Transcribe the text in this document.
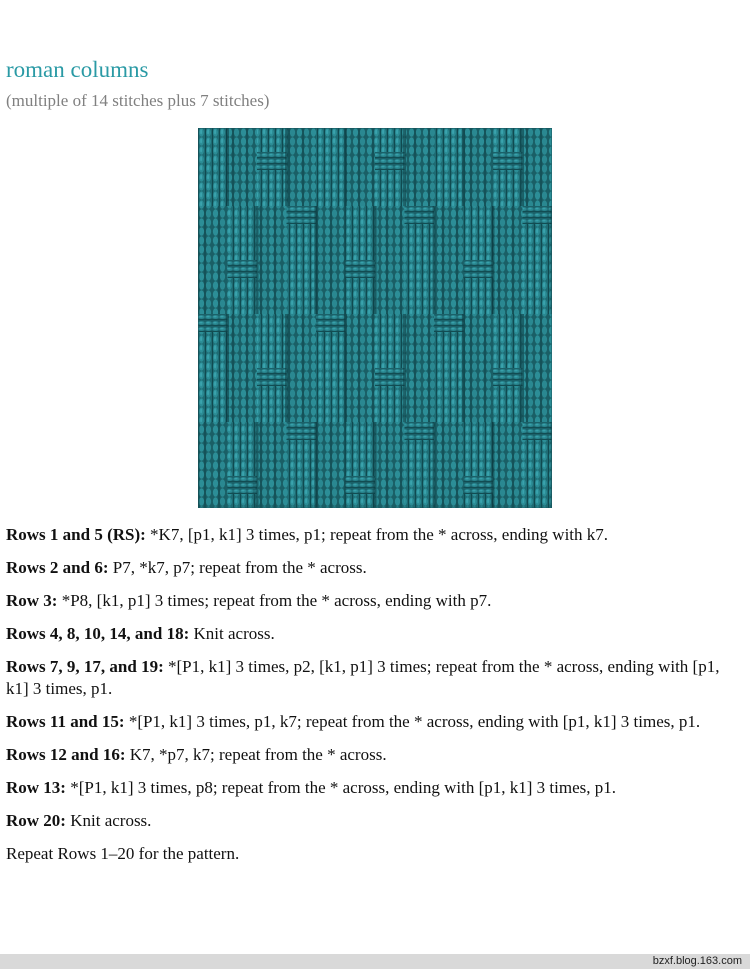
roman columns
(multiple of 14 stitches plus 7 stitches)

Rows 1 and 5 (RS): *K7, [p1, k1] 3 times, p1; repeat from the * across, ending with k7.

Rows 2 and 6: P7, *k7, p7; repeat from the * across.

Row 3: *P8, [k1, p1] 3 times; repeat from the * across, ending with p7.

Rows 4, 8, 10, 14, and 18: Knit across.

Rows 7, 9, 17, and 19: *[P1, k1] 3 times, p2, [k1, p1] 3 times; repeat from the * across, ending with [p1, k1] 3 times, p1.

Rows 11 and 15: *[P1, k1] 3 times, p1, k7; repeat from the * across, ending with [p1, k1] 3 times, p1.

Rows 12 and 16: K7, *p7, k7; repeat from the * across.

Row 13: *[P1, k1] 3 times, p8; repeat from the * across, ending with [p1, k1] 3 times, p1.

Row 20: Knit across.

Repeat Rows 1–20 for the pattern.

bzxf.blog.163.com
